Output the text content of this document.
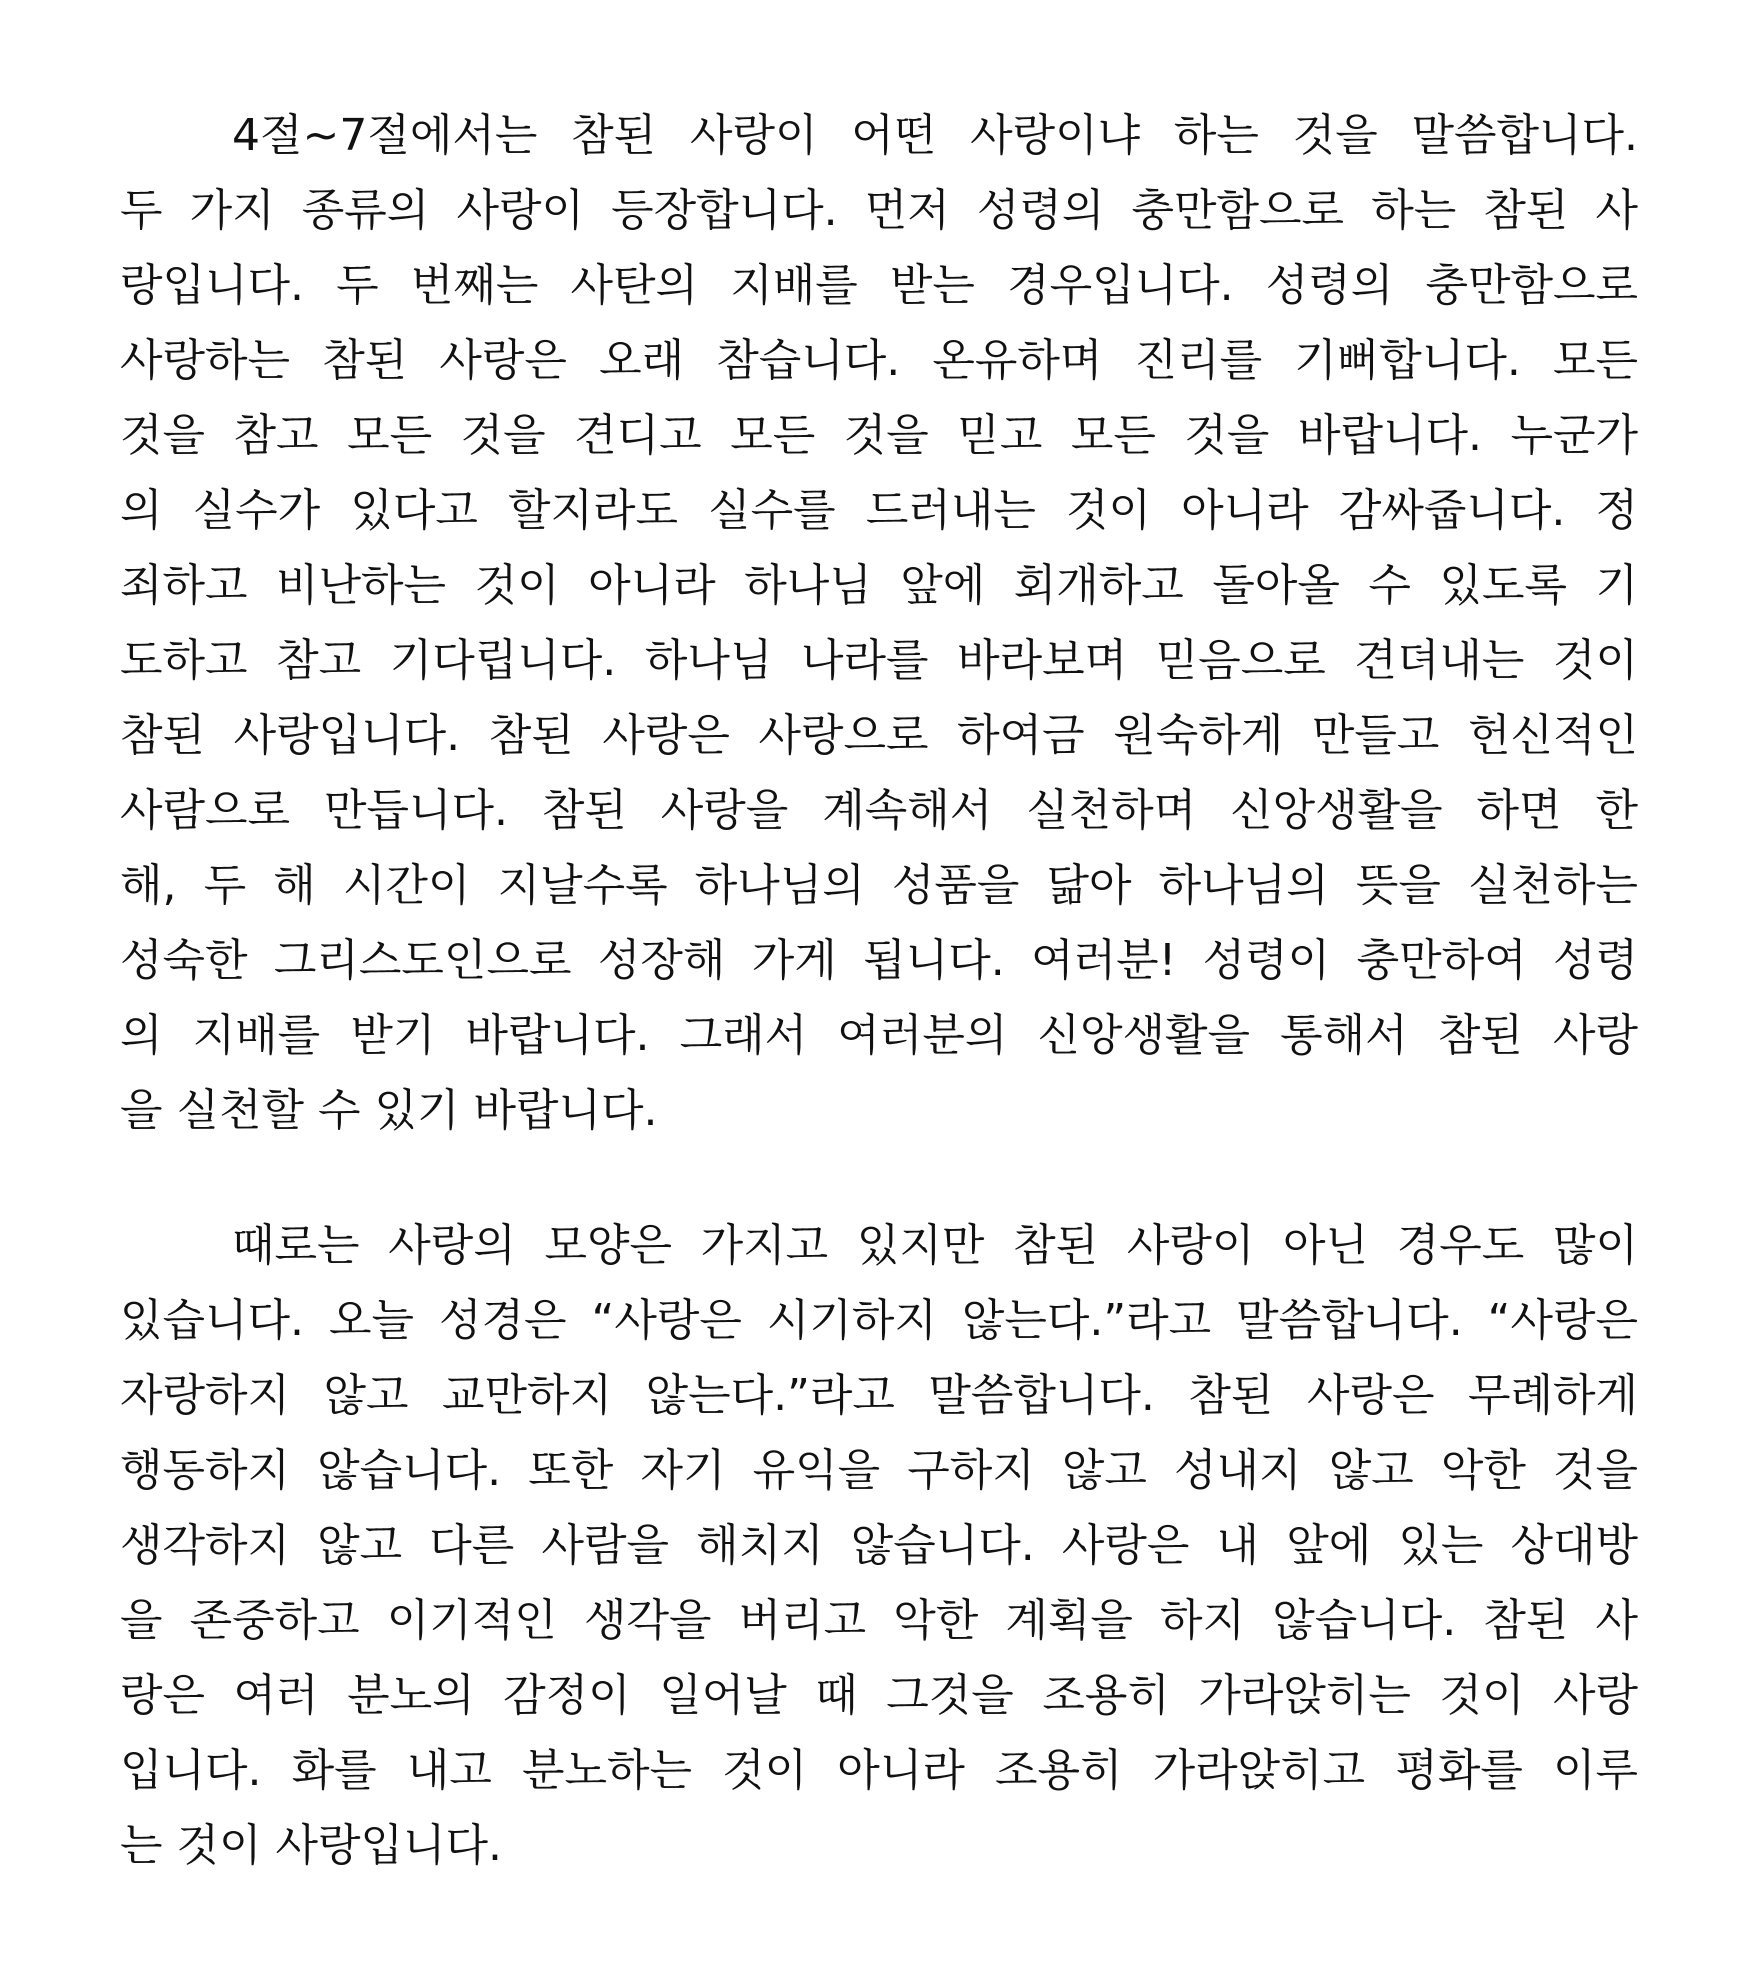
4절~7절에서는 참된 사랑이 어떤 사랑이냐 하는 것을 말씀합니다.
두 가지 종류의 사랑이 등장합니다. 먼저 성령의 충만함으로 하는 참된 사
랑입니다. 두 번째는 사탄의 지배를 받는 경우입니다. 성령의 충만함으로
사랑하는 참된 사랑은 오래 참습니다. 온유하며 진리를 기뻐합니다. 모든
것을 참고 모든 것을 견디고 모든 것을 믿고 모든 것을 바랍니다. 누군가
의 실수가 있다고 할지라도 실수를 드러내는 것이 아니라 감싸줍니다. 정
죄하고 비난하는 것이 아니라 하나님 앞에 회개하고 돌아올 수 있도록 기
도하고 참고 기다립니다. 하나님 나라를 바라보며 믿음으로 견뎌내는 것이
참된 사랑입니다. 참된 사랑은 사랑으로 하여금 원숙하게 만들고 헌신적인
사람으로 만듭니다. 참된 사랑을 계속해서 실천하며 신앙생활을 하면 한
해, 두 해 시간이 지날수록 하나님의 성품을 닮아 하나님의 뜻을 실천하는
성숙한 그리스도인으로 성장해 가게 됩니다. 여러분! 성령이 충만하여 성령
의 지배를 받기 바랍니다. 그래서 여러분의 신앙생활을 통해서 참된 사랑
을 실천할 수 있기 바랍니다.
때로는 사랑의 모양은 가지고 있지만 참된 사랑이 아닌 경우도 많이
있습니다. 오늘 성경은 “사랑은 시기하지 않는다.”라고 말씀합니다. “사랑은
자랑하지 않고 교만하지 않는다.”라고 말씀합니다. 참된 사랑은 무례하게
행동하지 않습니다. 또한 자기 유익을 구하지 않고 성내지 않고 악한 것을
생각하지 않고 다른 사람을 해치지 않습니다. 사랑은 내 앞에 있는 상대방
을 존중하고 이기적인 생각을 버리고 악한 계획을 하지 않습니다. 참된 사
랑은 여러 분노의 감정이 일어날 때 그것을 조용히 가라앉히는 것이 사랑
입니다. 화를 내고 분노하는 것이 아니라 조용히 가라앉히고 평화를 이루
는 것이 사랑입니다.
